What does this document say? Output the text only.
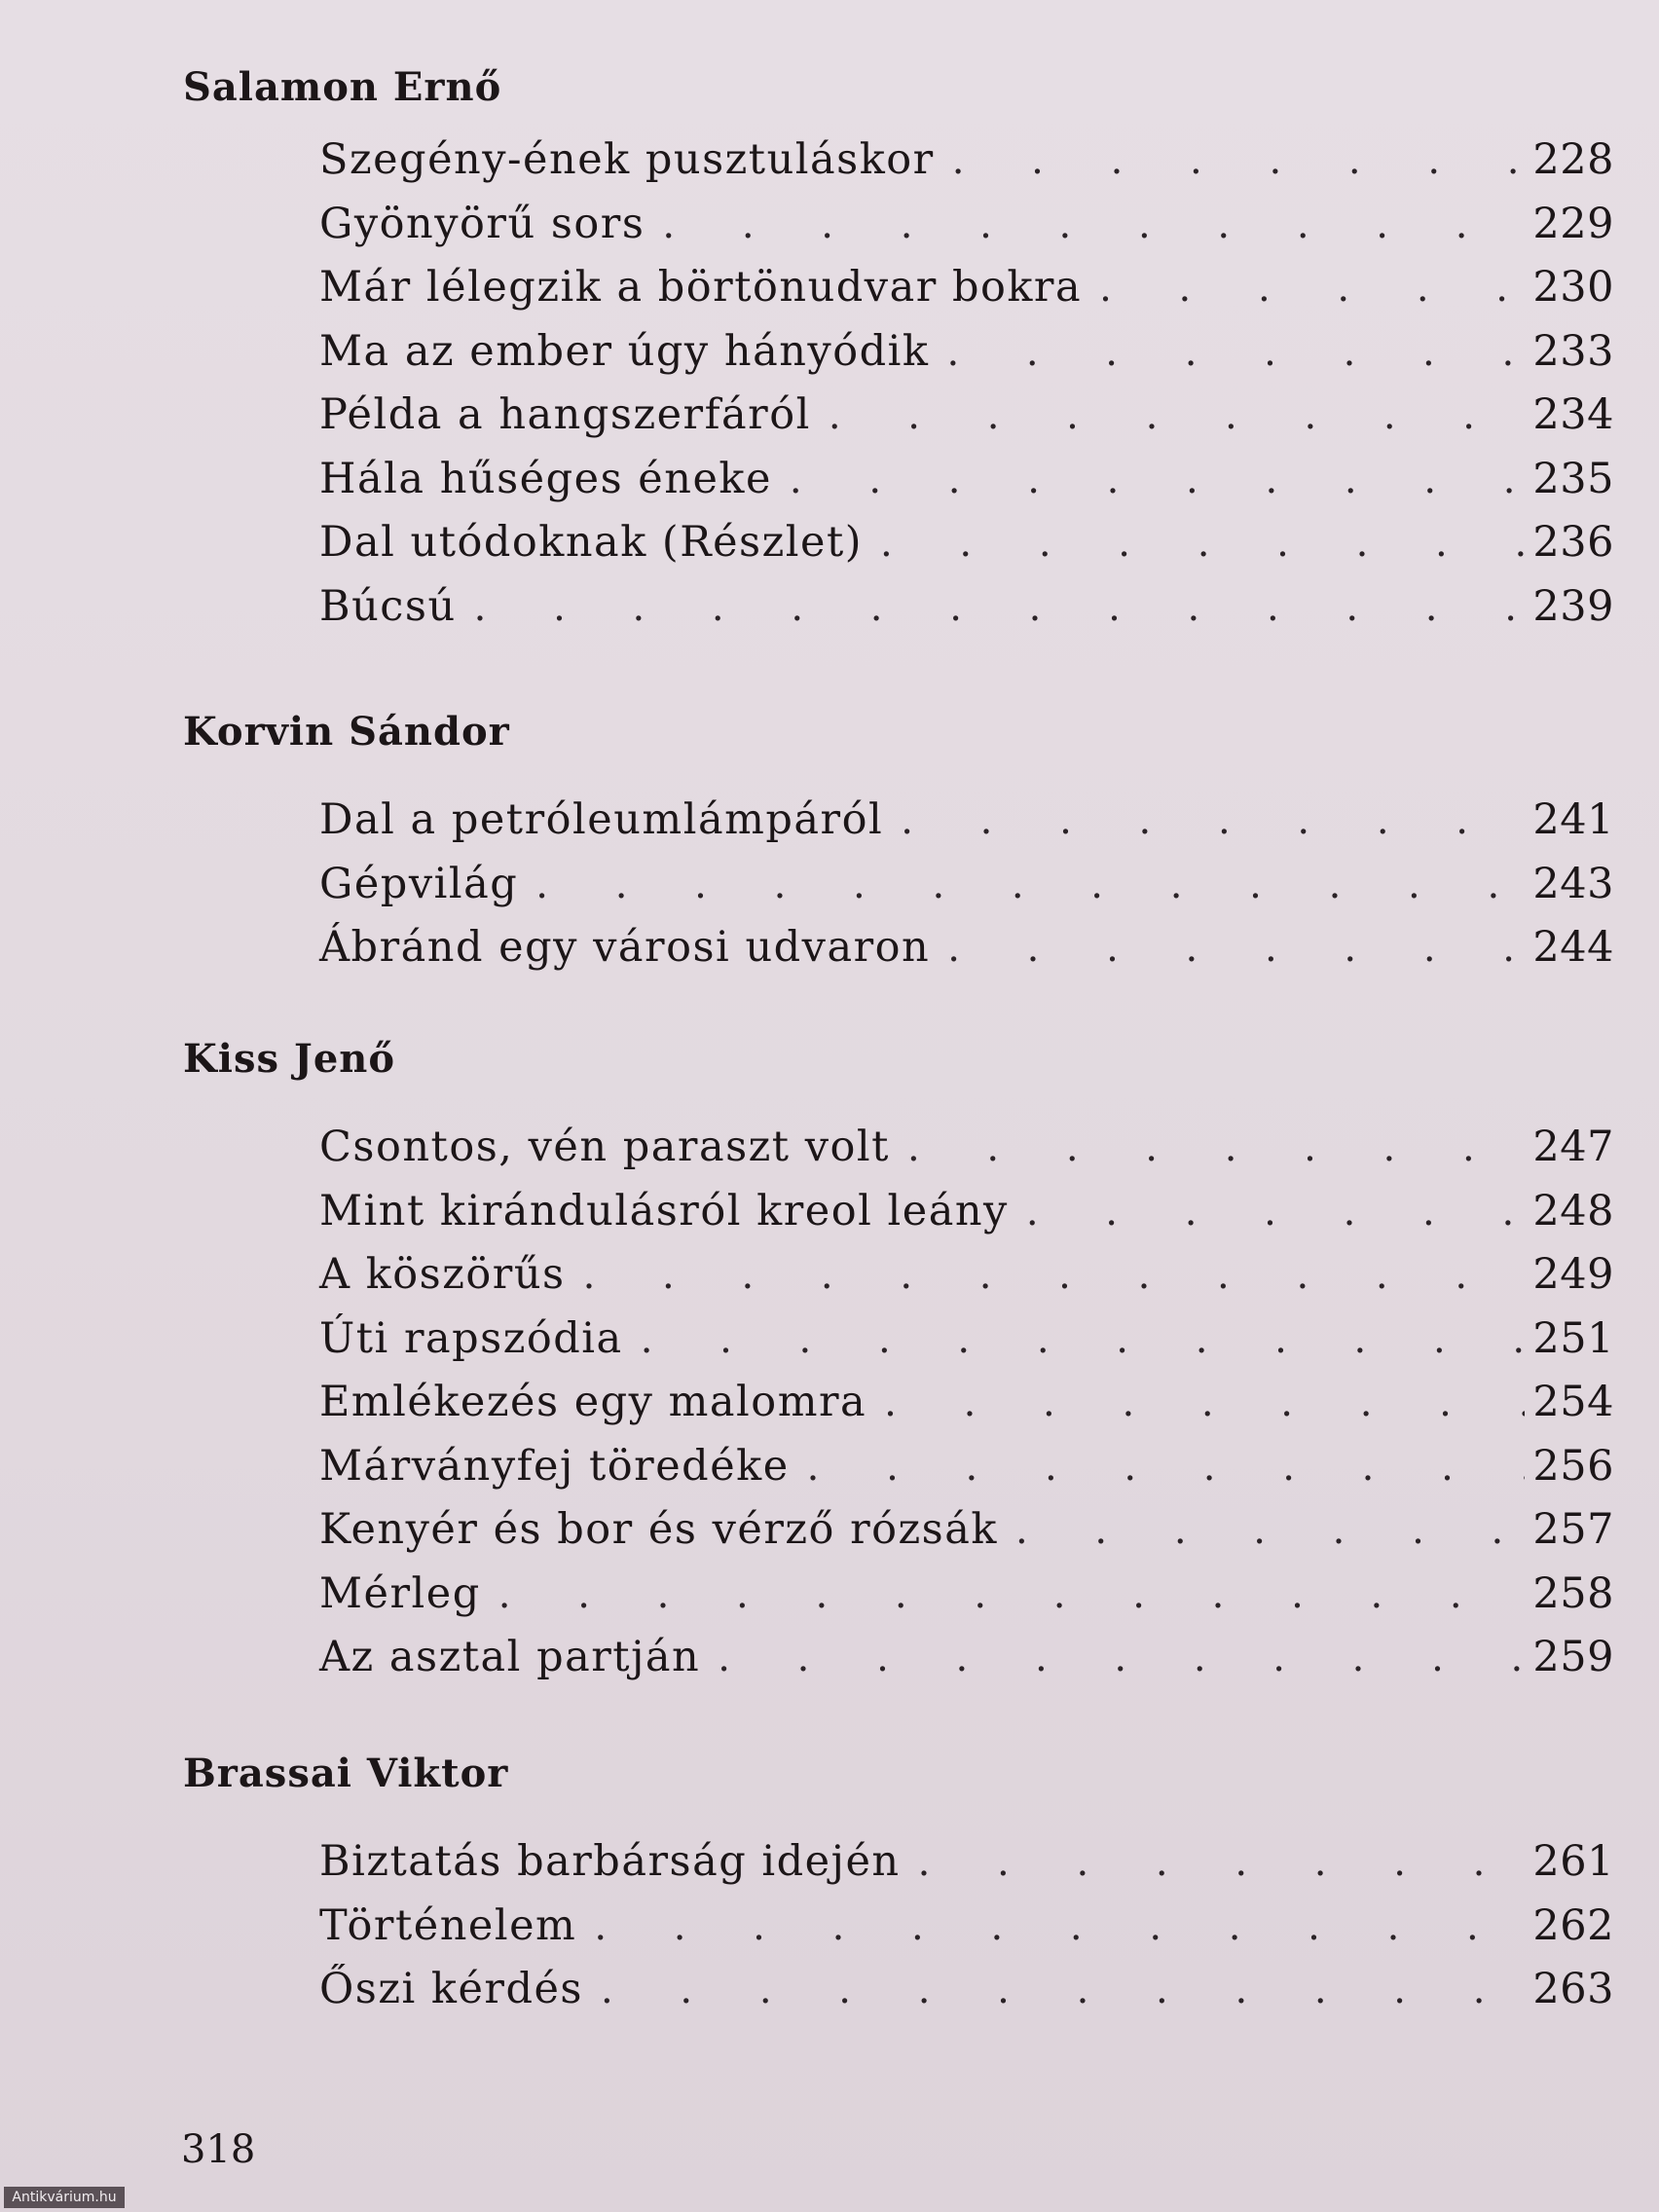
Salamon Ernő
Szegény-ének pusztuláskor . . .	228
Gyönyörű sors . . .	229
Már lélegzik a börtönudvar bokra . . .	230
Ma az ember úgy hányódik . . .	233
Példa a hangszerfáról . . .	234
Hála hűséges éneke . . .	235
Dal utódoknak (Részlet) . . .	236
Búcsú . . .	239
Korvin Sándor
Dal a petróleumlámpáról . . .	241
Gépvilág . . .	243
Ábránd egy városi udvaron . . .	244
Kiss Jenő
Csontos, vén paraszt volt . . .	247
Mint kirándulásról kreol leány . . .	248
A köszörűs . . .	249
Úti rapszódia . . .	251
Emlékezés egy malomra . . .	254
Márványfej töredéke . . .	256
Kenyér és bor és vérző rózsák . . .	257
Mérleg . . .	258
Az asztal partján . . .	259
Brassai Viktor
Biztatás barbárság idején . . .	261
Történelem . . .	262
Őszi kérdés . . .	263
318
Antikvárium.hu
